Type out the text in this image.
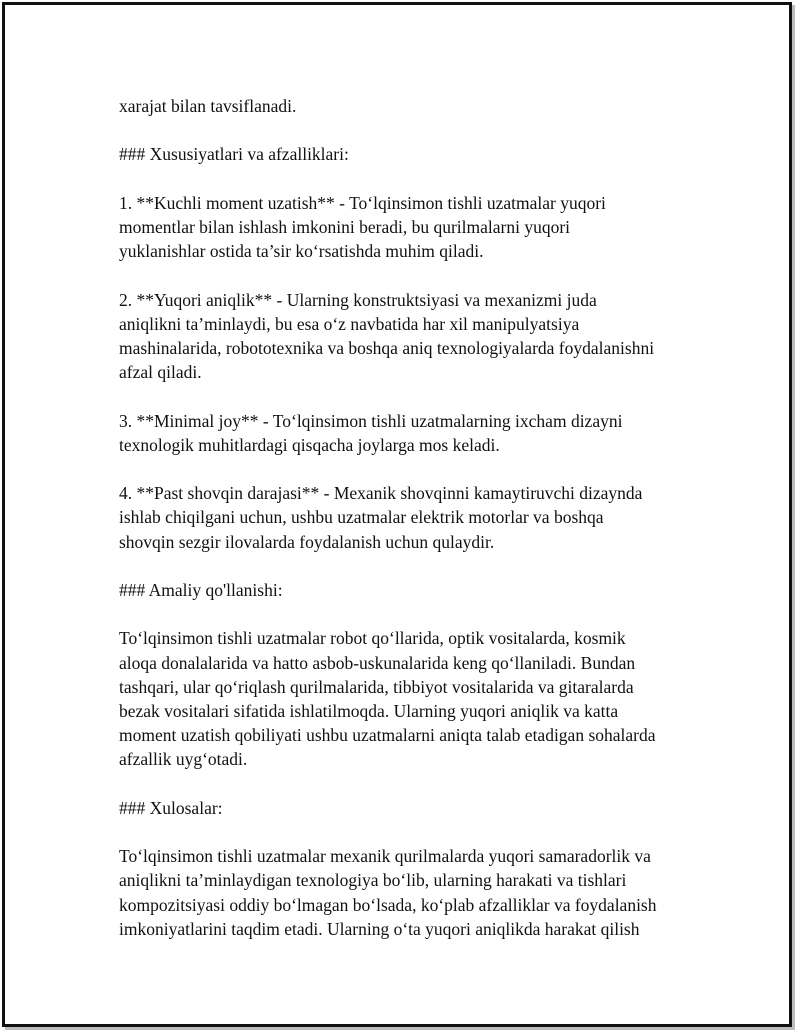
xarajat bilan tavsiflanadi.

### Xususiyatlari va afzalliklari:

1. **Kuchli moment uzatish** - To‘lqinsimon tishli uzatmalar yuqori
momentlar bilan ishlash imkonini beradi, bu qurilmalarni yuqori
yuklanishlar ostida ta’sir ko‘rsatishda muhim qiladi.

2. **Yuqori aniqlik** - Ularning konstruktsiyasi va mexanizmi juda
aniqlikni ta’minlaydi, bu esa o‘z navbatida har xil manipulyatsiya
mashinalarida, robototexnika va boshqa aniq texnologiyalarda foydalanishni
afzal qiladi.

3. **Minimal joy** - To‘lqinsimon tishli uzatmalarning ixcham dizayni
texnologik muhitlardagi qisqacha joylarga mos keladi.

4. **Past shovqin darajasi** - Mexanik shovqinni kamaytiruvchi dizaynda
ishlab chiqilgani uchun, ushbu uzatmalar elektrik motorlar va boshqa
shovqin sezgir ilovalarda foydalanish uchun qulaydir.

### Amaliy qo'llanishi:

To‘lqinsimon tishli uzatmalar robot qo‘llarida, optik vositalarda, kosmik
aloqa donalalarida va hatto asbob-uskunalarida keng qo‘llaniladi. Bundan
tashqari, ular qo‘riqlash qurilmalarida, tibbiyot vositalarida va gitaralarda
bezak vositalari sifatida ishlatilmoqda. Ularning yuqori aniqlik va katta
moment uzatish qobiliyati ushbu uzatmalarni aniqta talab etadigan sohalarda
afzallik uyg‘otadi.

### Xulosalar:

To‘lqinsimon tishli uzatmalar mexanik qurilmalarda yuqori samaradorlik va
aniqlikni ta’minlaydigan texnologiya bo‘lib, ularning harakati va tishlari
kompozitsiyasi oddiy bo‘lmagan bo‘lsada, ko‘plab afzalliklar va foydalanish
imkoniyatlarini taqdim etadi. Ularning o‘ta yuqori aniqlikda harakat qilish
